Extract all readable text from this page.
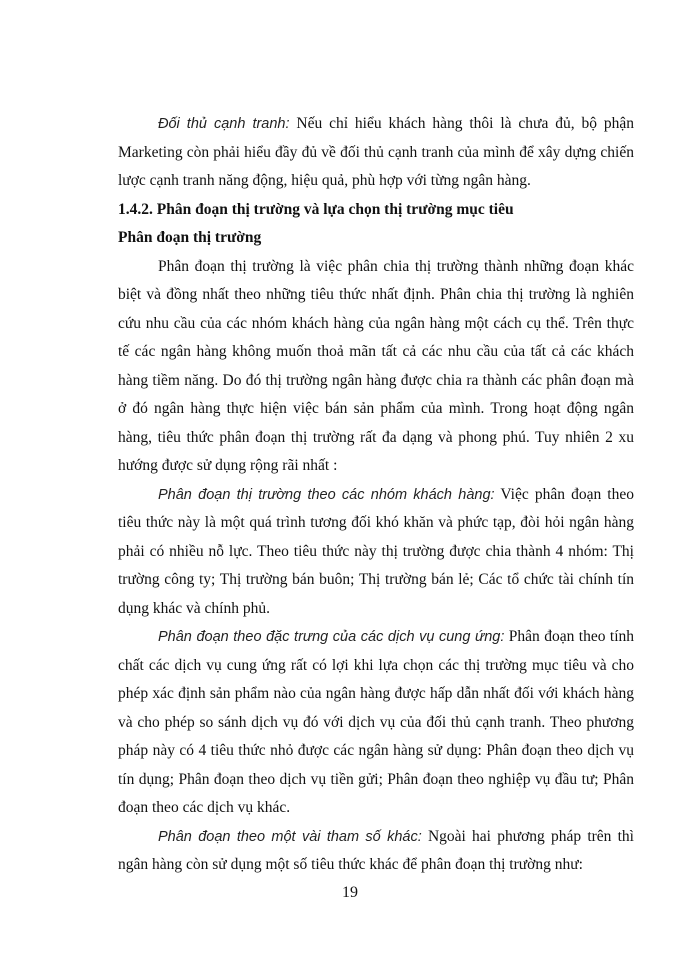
Đối thủ cạnh tranh: Nếu chỉ hiểu khách hàng thôi là chưa đủ, bộ phận Marketing còn phải hiểu đầy đủ về đối thủ cạnh tranh của mình để xây dựng chiến lược cạnh tranh năng động, hiệu quả, phù hợp với từng ngân hàng.

1.4.2. Phân đoạn thị trường và lựa chọn thị trường mục tiêu

Phân đoạn thị trường

Phân đoạn thị trường là việc phân chia thị trường thành những đoạn khác biệt và đồng nhất theo những tiêu thức nhất định. Phân chia thị trường là nghiên cứu nhu cầu của các nhóm khách hàng của ngân hàng một cách cụ thể. Trên thực tế các ngân hàng không muốn thoả mãn tất cả các nhu cầu của tất cả các khách hàng tiềm năng. Do đó thị trường ngân hàng được chia ra thành các phân đoạn mà ở đó ngân hàng thực hiện việc bán sản phẩm của mình. Trong hoạt động ngân hàng, tiêu thức phân đoạn thị trường rất đa dạng và phong phú. Tuy nhiên 2 xu hướng được sử dụng rộng rãi nhất :

Phân đoạn thị trường theo các nhóm khách hàng: Việc phân đoạn theo tiêu thức này là một quá trình tương đối khó khăn và phức tạp, đòi hỏi ngân hàng phải có nhiều nỗ lực. Theo tiêu thức này thị trường được chia thành 4 nhóm: Thị trường công ty; Thị trường bán buôn; Thị trường bán lẻ; Các tổ chức tài chính tín dụng khác và chính phủ.

Phân đoạn theo đặc trưng của các dịch vụ cung ứng: Phân đoạn theo tính chất các dịch vụ cung ứng rất có lợi khi lựa chọn các thị trường mục tiêu và cho phép xác định sản phẩm nào của ngân hàng được hấp dẫn nhất đối với khách hàng và cho phép so sánh dịch vụ đó với dịch vụ của đối thủ cạnh tranh. Theo phương pháp này có 4 tiêu thức nhỏ được các ngân hàng sử dụng: Phân đoạn theo dịch vụ tín dụng; Phân đoạn theo dịch vụ tiền gửi; Phân đoạn theo nghiệp vụ đầu tư; Phân đoạn theo các dịch vụ khác.

Phân đoạn theo một vài tham số khác: Ngoài hai phương pháp trên thì ngân hàng còn sử dụng một số tiêu thức khác để phân đoạn thị trường như:

19
